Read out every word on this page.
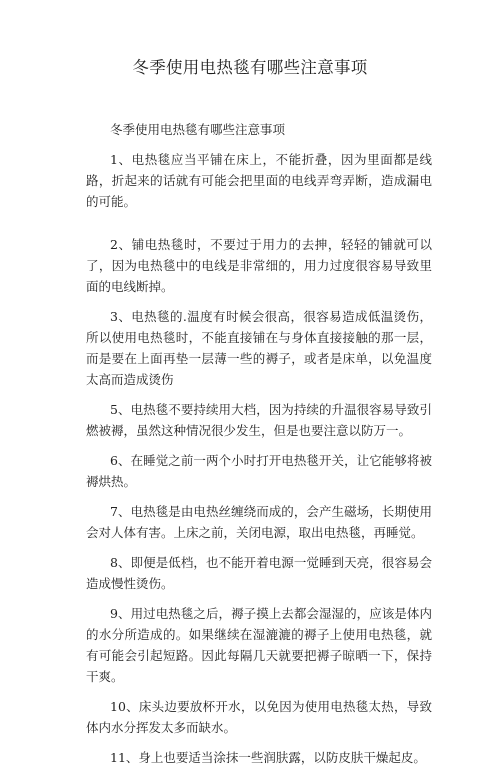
冬季使用电热毯有哪些注意事项

冬季使用电热毯有哪些注意事项

1、电热毯应当平铺在床上，不能折叠，因为里面都是线路，折起来的话就有可能会把里面的电线弄弯弄断，造成漏电的可能。

2、铺电热毯时，不要过于用力的去抻，轻轻的铺就可以了，因为电热毯中的电线是非常细的，用力过度很容易导致里面的电线断掉。

3、电热毯的.温度有时候会很高，很容易造成低温烫伤，所以使用电热毯时，不能直接铺在与身体直接接触的那一层，而是要在上面再垫一层薄一些的褥子，或者是床单，以免温度太高而造成烫伤

5、电热毯不要持续用大档，因为持续的升温很容易导致引燃被褥，虽然这种情况很少发生，但是也要注意以防万一。

6、在睡觉之前一两个小时打开电热毯开关，让它能够将被褥烘热。

7、电热毯是由电热丝缠绕而成的，会产生磁场，长期使用会对人体有害。上床之前，关闭电源，取出电热毯，再睡觉。

8、即便是低档，也不能开着电源一觉睡到天亮，很容易会造成慢性烫伤。

9、用过电热毯之后，褥子摸上去都会湿湿的，应该是体内的水分所造成的。如果继续在湿漉漉的褥子上使用电热毯，就有可能会引起短路。因此每隔几天就要把褥子晾晒一下，保持干爽。

10、床头边要放杯开水，以免因为使用电热毯太热，导致体内水分挥发太多而缺水。

11、身上也要适当涂抹一些润肤露，以防皮肤干燥起皮。
